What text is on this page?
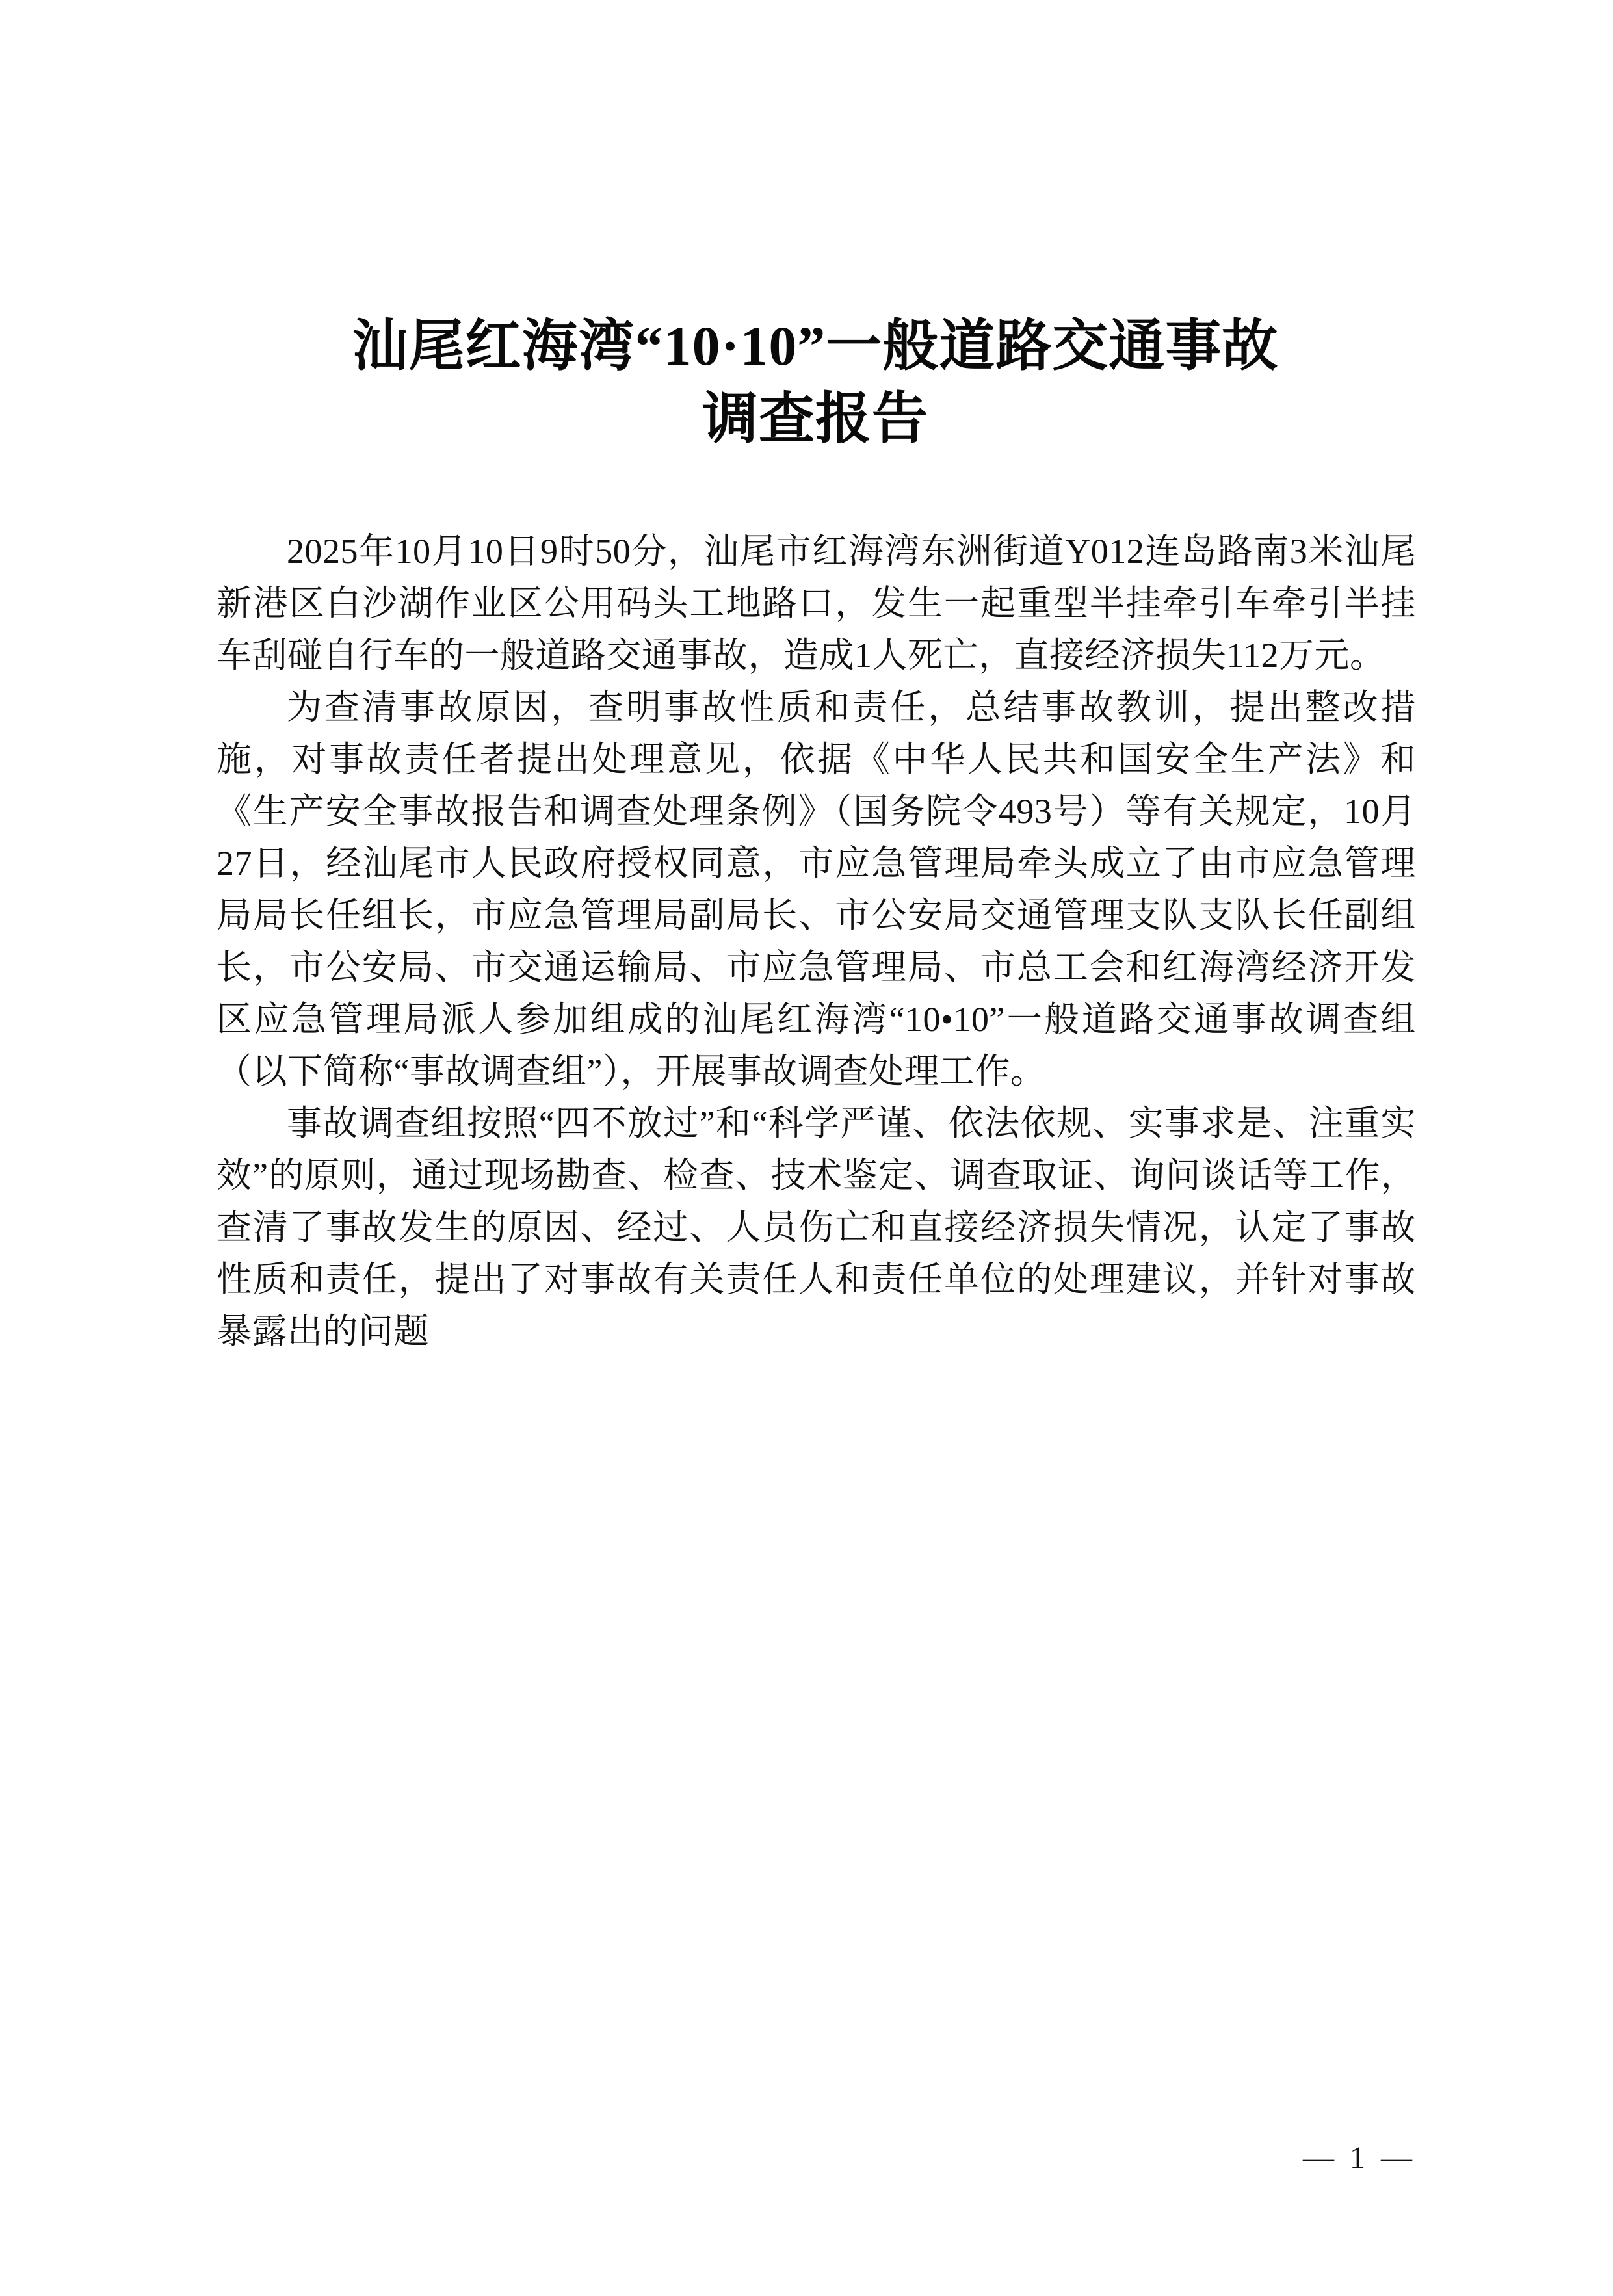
汕尾红海湾“10·10”一般道路交通事故
调查报告

2025年10月10日9时50分，汕尾市红海湾东洲街道Y012连岛路南3米汕尾新港区白沙湖作业区公用码头工地路口，发生一起重型半挂牵引车牵引半挂车刮碰自行车的一般道路交通事故，造成1人死亡，直接经济损失112万元。

为查清事故原因，查明事故性质和责任，总结事故教训，提出整改措施，对事故责任者提出处理意见，依据《中华人民共和国安全生产法》和《生产安全事故报告和调查处理条例》（国务院令493号）等有关规定，10月27日，经汕尾市人民政府授权同意，市应急管理局牵头成立了由市应急管理局局长任组长，市应急管理局副局长、市公安局交通管理支队支队长任副组长，市公安局、市交通运输局、市应急管理局、市总工会和红海湾经济开发区应急管理局派人参加组成的汕尾红海湾“10•10”一般道路交通事故调查组（以下简称“事故调查组”），开展事故调查处理工作。

事故调查组按照“四不放过”和“科学严谨、依法依规、实事求是、注重实效”的原则，通过现场勘查、检查、技术鉴定、调查取证、询问谈话等工作，查清了事故发生的原因、经过、人员伤亡和直接经济损失情况，认定了事故性质和责任，提出了对事故有关责任人和责任单位的处理建议，并针对事故暴露出的问题

— 1 —
